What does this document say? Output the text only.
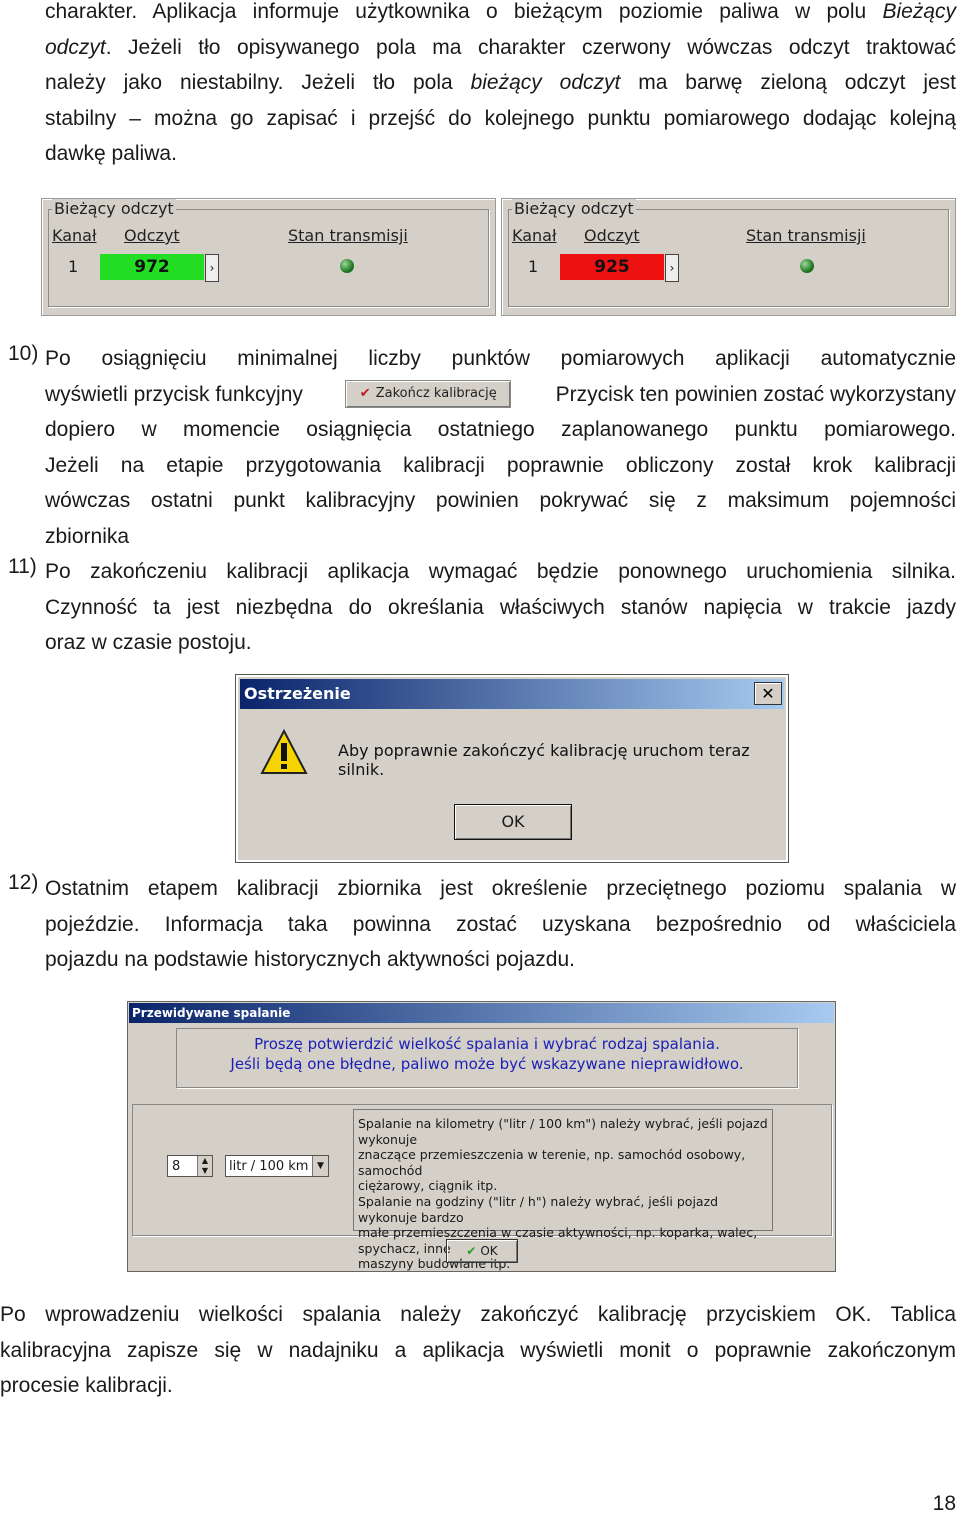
charakter. Aplikacja informuje użytkownika o bieżącym poziomie paliwa w polu Bieżący
odczyt. Jeżeli tło opisywanego pola ma charakter czerwony wówczas odczyt traktować
należy jako niestabilny. Jeżeli tło pola bieżący odczyt ma barwę zieloną odczyt jest
stabilny – można go zapisać i przejść do kolejnego punktu pomiarowego dodając kolejną
dawkę paliwa.
Bieżący odczyt
Kanał Odczyt	Stan transmisji
1	972	›
Bieżący odczyt
Kanał Odczyt	Stan transmisji
1	925	›
10) Po osiągnięciu minimalnej liczby punktów pomiarowych aplikacji automatycznie
wyświetli przycisk funkcyjny	✔ Zakończ kalibrację	Przycisk ten powinien zostać wykorzystany
dopiero w momencie osiągnięcia ostatniego zaplanowanego punktu pomiarowego.
Jeżeli na etapie przygotowania kalibracji poprawnie obliczony został krok kalibracji
wówczas ostatni punkt kalibracyjny powinien pokrywać się z maksimum pojemności
zbiornika
11) Po zakończeniu kalibracji aplikacja wymagać będzie ponownego uruchomienia silnika.
Czynność ta jest niezbędna do określania właściwych stanów napięcia w trakcie jazdy
oraz w czasie postoju.
Ostrzeżenie	✕
Aby poprawnie zakończyć kalibrację uruchom teraz silnik.
OK
12) Ostatnim etapem kalibracji zbiornika jest określenie przeciętnego poziomu spalania w
pojeździe. Informacja taka powinna zostać uzyskana bezpośrednio od właściciela
pojazdu na podstawie historycznych aktywności pojazdu.
Przewidywane spalanie
Proszę potwierdzić wielkość spalania i wybrać rodzaj spalania.
Jeśli będą one błędne, paliwo może być wskazywane nieprawidłowo.
8	▲
▼	litr / 100 km ▼
Spalanie na kilometry ("litr / 100 km") należy wybrać, jeśli pojazd wykonuje
znaczące przemieszczenia w terenie, np. samochód osobowy, samochód
ciężarowy, ciągnik itp.
Spalanie na godziny ("litr / h") należy wybrać, jeśli pojazd wykonuje bardzo
małe przemieszczenia w czasie aktywności, np. koparka, walec, spychacz, inne
maszyny budowlane itp.
✔ OK
Po wprowadzeniu wielkości spalania należy zakończyć kalibrację przyciskiem OK. Tablica
kalibracyjna zapisze się w nadajniku a aplikacja wyświetli monit o poprawnie zakończonym
procesie kalibracji.
18
